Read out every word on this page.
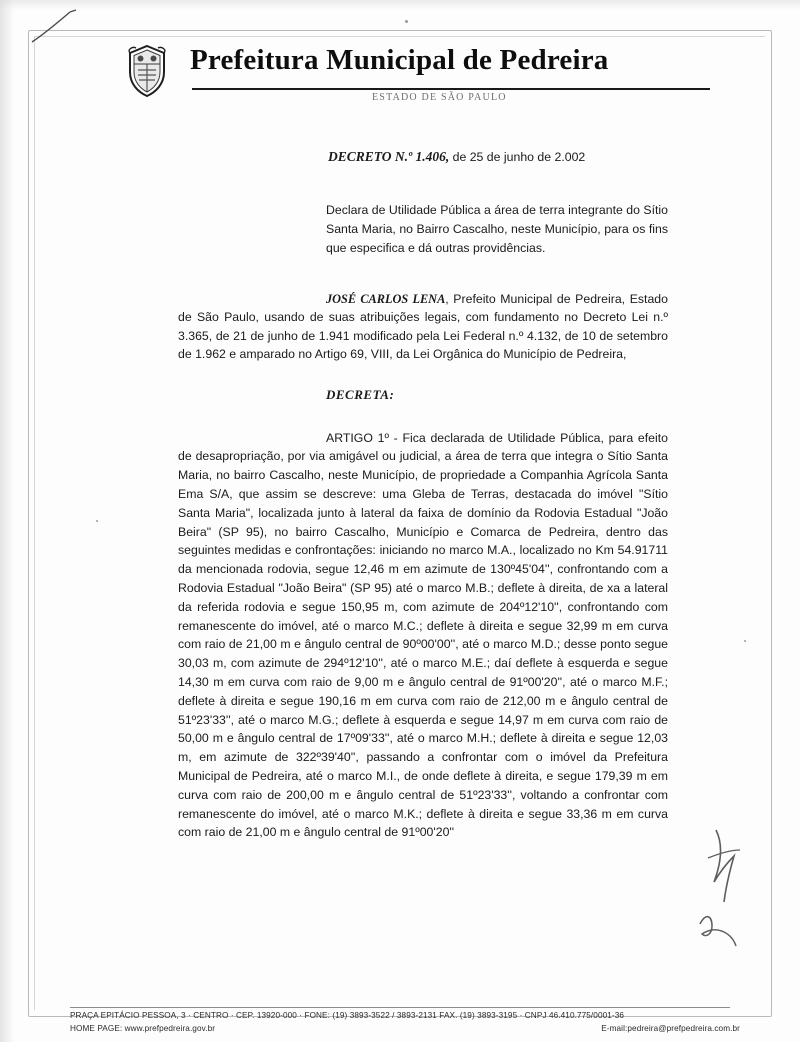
Prefeitura Municipal de Pedreira
ESTADO DE SÃO PAULO

DECRETO N.º 1.406, de 25 de junho de 2.002

Declara de Utilidade Pública a área de terra integrante do Sítio Santa Maria, no Bairro Cascalho, neste Município, para os fins que especifica e dá outras providências.

JOSÉ CARLOS LENA, Prefeito Municipal de Pedreira, Estado de São Paulo, usando de suas atribuições legais, com fundamento no Decreto Lei n.º 3.365, de 21 de junho de 1.941 modificado pela Lei Federal n.º 4.132, de 10 de setembro de 1.962 e amparado no Artigo 69, VIII, da Lei Orgânica do Município de Pedreira,

DECRETA:

ARTIGO 1º - Fica declarada de Utilidade Pública, para efeito de desapropriação, por via amigável ou judicial, a área de terra que integra o Sítio Santa Maria, no bairro Cascalho, neste Município, de propriedade a Companhia Agrícola Santa Ema S/A, que assim se descreve: uma Gleba de Terras, destacada do imóvel "Sítio Santa Maria", localizada junto à lateral da faixa de domínio da Rodovia Estadual "João Beira" (SP 95), no bairro Cascalho, Município e Comarca de Pedreira, dentro das seguintes medidas e confrontações: iniciando no marco M.A., localizado no Km 54.91711 da mencionada rodovia, segue 12,46 m em azimute de 130º45'04'', confrontando com a Rodovia Estadual "João Beira" (SP 95) até o marco M.B.; deflete à direita, de xa a lateral da referida rodovia e segue 150,95 m, com azimute de 204º12'10'', confrontando com remanescente do imóvel, até o marco M.C.; deflete à direita e segue 32,99 m em curva com raio de 21,00 m e ângulo central de 90º00'00'', até o marco M.D.; desse ponto segue 30,03 m, com azimute de 294º12'10'', até o marco M.E.; daí deflete à esquerda e segue 14,30 m em curva com raio de 9,00 m e ângulo central de 91º00'20'', até o marco M.F.; deflete à direita e segue 190,16 m em curva com raio de 212,00 m e ângulo central de 51º23'33'', até o marco M.G.; deflete à esquerda e segue 14,97 m em curva com raio de 50,00 m e ângulo central de 17º09'33'', até o marco M.H.; deflete à direita e segue 12,03 m, em azimute de 322º39'40'', passando a confrontar com o imóvel da Prefeitura Municipal de Pedreira, até o marco M.I., de onde deflete à direita, e segue 179,39 m em curva com raio de 200,00 m e ângulo central de 51º23'33'', voltando a confrontar com remanescente do imóvel, até o marco M.K.; deflete à direita e segue 33,36 m em curva com raio de 21,00 m e ângulo central de 91º00'20''

PRAÇA EPITÁCIO PESSOA, 3 · CENTRO · CEP. 13920-000 · FONE: (19) 3893-3522 / 3893-2131 FAX. (19) 3893-3195 · CNPJ 46.410.775/0001-36
HOME PAGE: www.prefpedreira.gov.br	E-mail:pedreira@prefpedreira.com.br
